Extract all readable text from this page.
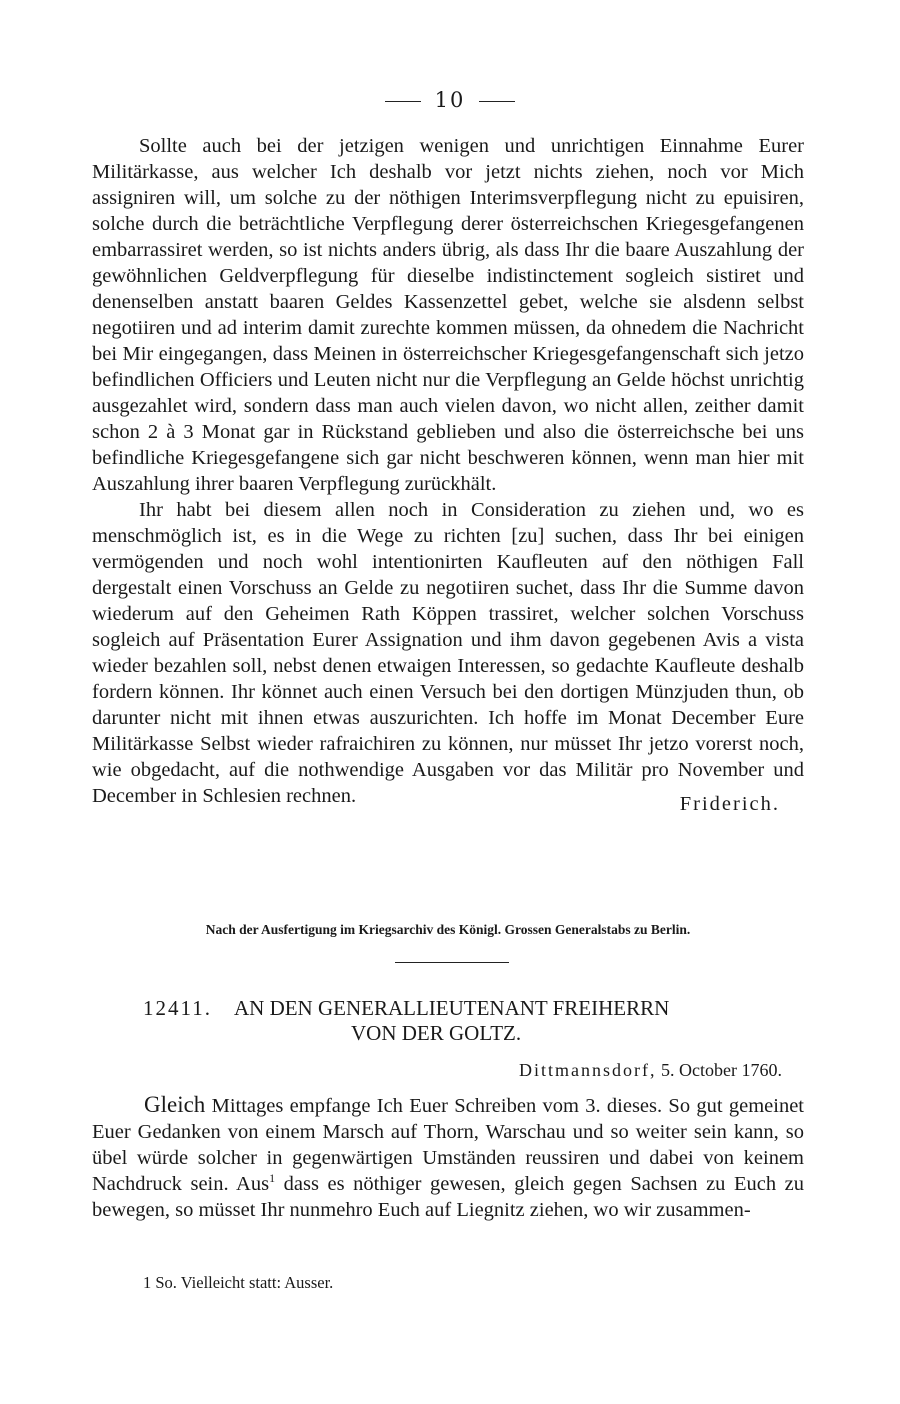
10

Sollte auch bei der jetzigen wenigen und unrichtigen Einnahme Eurer Militärkasse, aus welcher Ich deshalb vor jetzt nichts ziehen, noch vor Mich assigniren will, um solche zu der nöthigen Interimsverpflegung nicht zu epuisiren, solche durch die beträchtliche Verpflegung derer österreichschen Kriegesgefangenen embarrassiret werden, so ist nichts anders übrig, als dass Ihr die baare Auszahlung der gewöhnlichen Geldverpflegung für dieselbe indistinctement sogleich sistiret und denenselben anstatt baaren Geldes Kassenzettel gebet, welche sie alsdenn selbst negotiiren und ad interim damit zurechte kommen müssen, da ohnedem die Nachricht bei Mir eingegangen, dass Meinen in österreichscher Kriegesgefangenschaft sich jetzo befindlichen Officiers und Leuten nicht nur die Verpflegung an Gelde höchst unrichtig ausgezahlet wird, sondern dass man auch vielen davon, wo nicht allen, zeither damit schon 2 à 3 Monat gar in Rückstand geblieben und also die österreichsche bei uns befindliche Kriegesgefangene sich gar nicht beschweren können, wenn man hier mit Auszahlung ihrer baaren Verpflegung zurückhält.

Ihr habt bei diesem allen noch in Consideration zu ziehen und, wo es menschmöglich ist, es in die Wege zu richten [zu] suchen, dass Ihr bei einigen vermögenden und noch wohl intentionirten Kaufleuten auf den nöthigen Fall dergestalt einen Vorschuss an Gelde zu negotiiren suchet, dass Ihr die Summe davon wiederum auf den Geheimen Rath Köppen trassiret, welcher solchen Vorschuss sogleich auf Präsentation Eurer Assignation und ihm davon gegebenen Avis a vista wieder bezahlen soll, nebst denen etwaigen Interessen, so gedachte Kaufleute deshalb fordern können. Ihr könnet auch einen Versuch bei den dortigen Münzjuden thun, ob darunter nicht mit ihnen etwas auszurichten. Ich hoffe im Monat December Eure Militärkasse Selbst wieder rafraichiren zu können, nur müsset Ihr jetzo vorerst noch, wie obgedacht, auf die nothwendige Ausgaben vor das Militär pro November und December in Schlesien rechnen.	Friderich.
Nach der Ausfertigung im Kriegsarchiv des Königl. Grossen Generalstabs zu Berlin.
12411. AN DEN GENERALLIEUTENANT FREIHERRN
VON DER GOLTZ.
Dittmannsdorf, 5. October 1760.

Gleich Mittages empfange Ich Euer Schreiben vom 3. dieses. So gut gemeinet Euer Gedanken von einem Marsch auf Thorn, Warschau und so weiter sein kann, so übel würde solcher in gegenwärtigen Umständen reussiren und dabei von keinem Nachdruck sein. Aus$^1$ dass es nöthiger gewesen, gleich gegen Sachsen zu Euch zu bewegen, so müsset Ihr nunmehro Euch auf Liegnitz ziehen, wo wir zusammen-

1 So. Vielleicht statt: Ausser.
